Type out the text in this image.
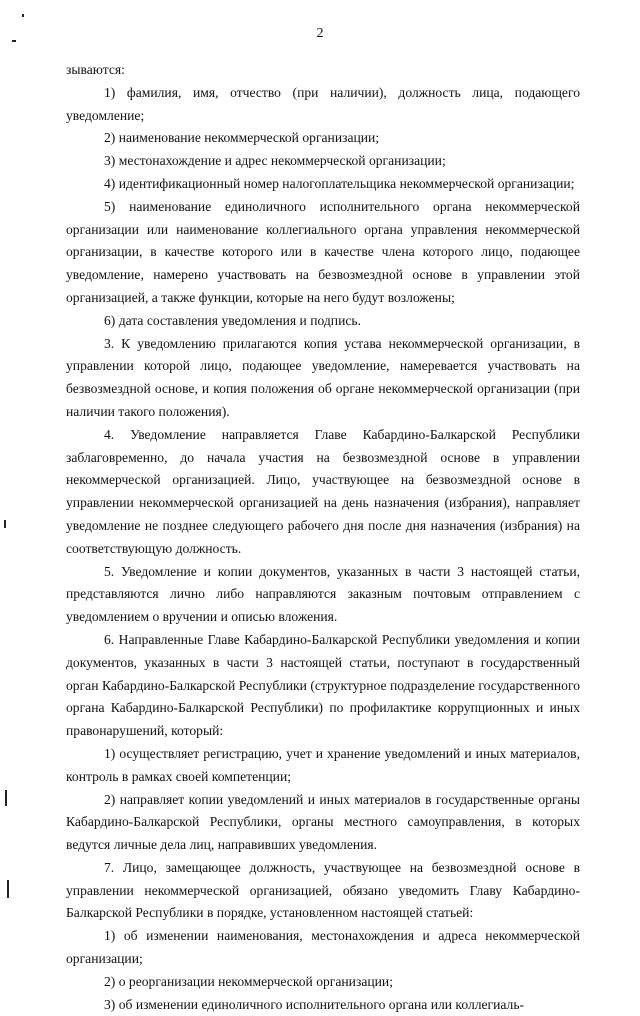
2

зываются:

1) фамилия, имя, отчество (при наличии), должность лица, подающего уведомление;

2) наименование некоммерческой организации;

3) местонахождение и адрес некоммерческой организации;

4) идентификационный номер налогоплательщика некоммерческой организации;

5) наименование единоличного исполнительного органа некоммерческой организации или наименование коллегиального органа управления некоммерческой организации, в качестве которого или в качестве члена которого лицо, подающее уведомление, намерено участвовать на безвозмездной основе в управлении этой организацией, а также функции, которые на него будут возложены;

6) дата составления уведомления и подпись.

3. К уведомлению прилагаются копия устава некоммерческой организации, в управлении которой лицо, подающее уведомление, намеревается участвовать на безвозмездной основе, и копия положения об органе некоммерческой организации (при наличии такого положения).

4. Уведомление направляется Главе Кабардино-Балкарской Республики заблаговременно, до начала участия на безвозмездной основе в управлении некоммерческой организацией. Лицо, участвующее на безвозмездной основе в управлении некоммерческой организацией на день назначения (избрания), направляет уведомление не позднее следующего рабочего дня после дня назначения (избрания) на соответствующую должность.

5. Уведомление и копии документов, указанных в части 3 настоящей статьи, представляются лично либо направляются заказным почтовым отправлением с уведомлением о вручении и описью вложения.

6. Направленные Главе Кабардино-Балкарской Республики уведомления и копии документов, указанных в части 3 настоящей статьи, поступают в государственный орган Кабардино-Балкарской Республики (структурное подразделение государственного органа Кабардино-Балкарской Республики) по профилактике коррупционных и иных правонарушений, который:

1) осуществляет регистрацию, учет и хранение уведомлений и иных материалов, контроль в рамках своей компетенции;

2) направляет копии уведомлений и иных материалов в государственные органы Кабардино-Балкарской Республики, органы местного самоуправления, в которых ведутся личные дела лиц, направивших уведомления.

7. Лицо, замещающее должность, участвующее на безвозмездной основе в управлении некоммерческой организацией, обязано уведомить Главу Кабардино-Балкарской Республики в порядке, установленном настоящей статьей:

1) об изменении наименования, местонахождения и адреса некоммерческой организации;

2) о реорганизации некоммерческой организации;

3) об изменении единоличного исполнительного органа или коллегиаль-
